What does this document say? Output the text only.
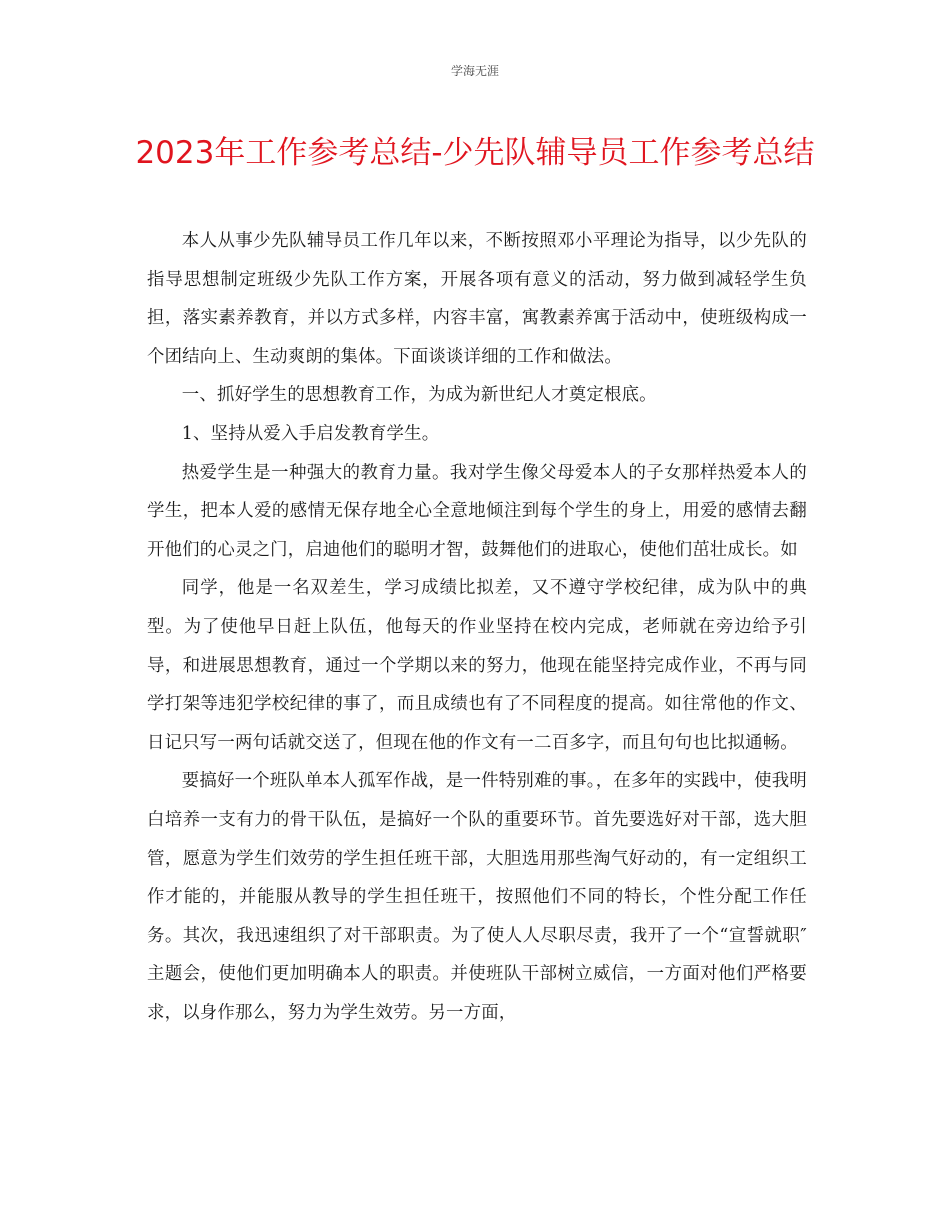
学海无涯
2023年工作参考总结-少先队辅导员工作参考总结

本人从事少先队辅导员工作几年以来，不断按照邓小平理论为指导，以少先队的指导思想制定班级少先队工作方案，开展各项有意义的活动，努力做到减轻学生负担，落实素养教育，并以方式多样，内容丰富，寓教素养寓于活动中，使班级构成一个团结向上、生动爽朗的集体。下面谈谈详细的工作和做法。

一、抓好学生的思想教育工作，为成为新世纪人才奠定根底。

1、坚持从爱入手启发教育学生。

热爱学生是一种强大的教育力量。我对学生像父母爱本人的子女那样热爱本人的学生，把本人爱的感情无保存地全心全意地倾注到每个学生的身上，用爱的感情去翻开他们的心灵之门，启迪他们的聪明才智，鼓舞他们的进取心，使他们茁壮成长。如

同学，他是一名双差生，学习成绩比拟差，又不遵守学校纪律，成为队中的典型。为了使他早日赶上队伍，他每天的作业坚持在校内完成，老师就在旁边给予引导，和进展思想教育，通过一个学期以来的努力，他现在能坚持完成作业，不再与同学打架等违犯学校纪律的事了，而且成绩也有了不同程度的提高。如往常他的作文、日记只写一两句话就交送了，但现在他的作文有一二百多字，而且句句也比拟通畅。

要搞好一个班队单本人孤军作战，是一件特别难的事。，在多年的实践中，使我明白培养一支有力的骨干队伍，是搞好一个队的重要环节。首先要选好对干部，选大胆管，愿意为学生们效劳的学生担任班干部，大胆选用那些淘气好动的，有一定组织工作才能的，并能服从教导的学生担任班干，按照他们不同的特长，个性分配工作任务。其次，我迅速组织了对干部职责。为了使人人尽职尽责，我开了一个“宣誓就职″主题会，使他们更加明确本人的职责。并使班队干部树立威信，一方面对他们严格要求，以身作那么，努力为学生效劳。另一方面，
